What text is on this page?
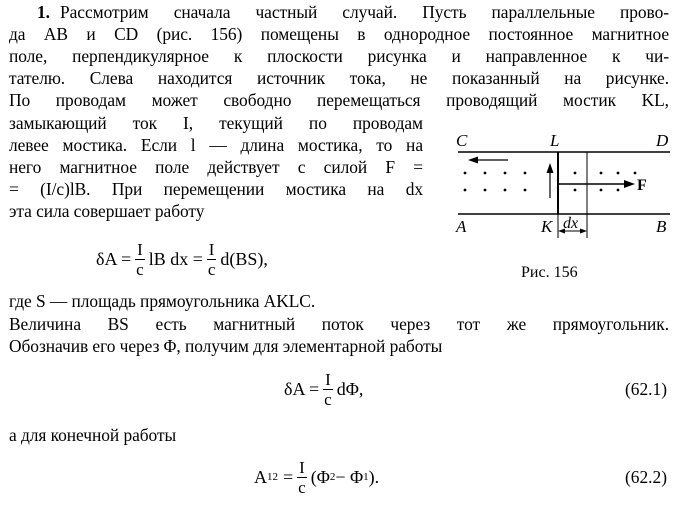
1. Рассмотрим сначала частный случай. Пусть параллельные прово-
да AB и CD (рис. 156) помещены в однородное постоянное магнитное
поле, перпендикулярное к плоскости рисунка и направленное к чи-
тателю. Слева находится источник тока, не показанный на рисунке.
По проводам может свободно перемещаться проводящий мостик KL,
замыкающий ток I, текущий по проводам
левее мостика. Если l — длина мостика, то на
него магнитное поле действует с силой F =
= (I/c)lB. При перемещении мостика на dx
эта сила совершает работу
$\delta A = \frac{I}{c}$ lB dx = $\frac{I}{c} d(BS)$,
C	L	D
A	K	B
dx
F
Рис. 156
где S — площадь прямоугольника AKLC.
Величина BS есть магнитный поток через тот же прямоугольник.
Обозначив его через Φ, получим для элементарной работы
$\delta A = \frac{I}{c} d\Phi$,	(62.1)
а для конечной работы
A $12 = \frac{I}{c} (\Phi$ 2 − Φ 1 ).	(62.2)
